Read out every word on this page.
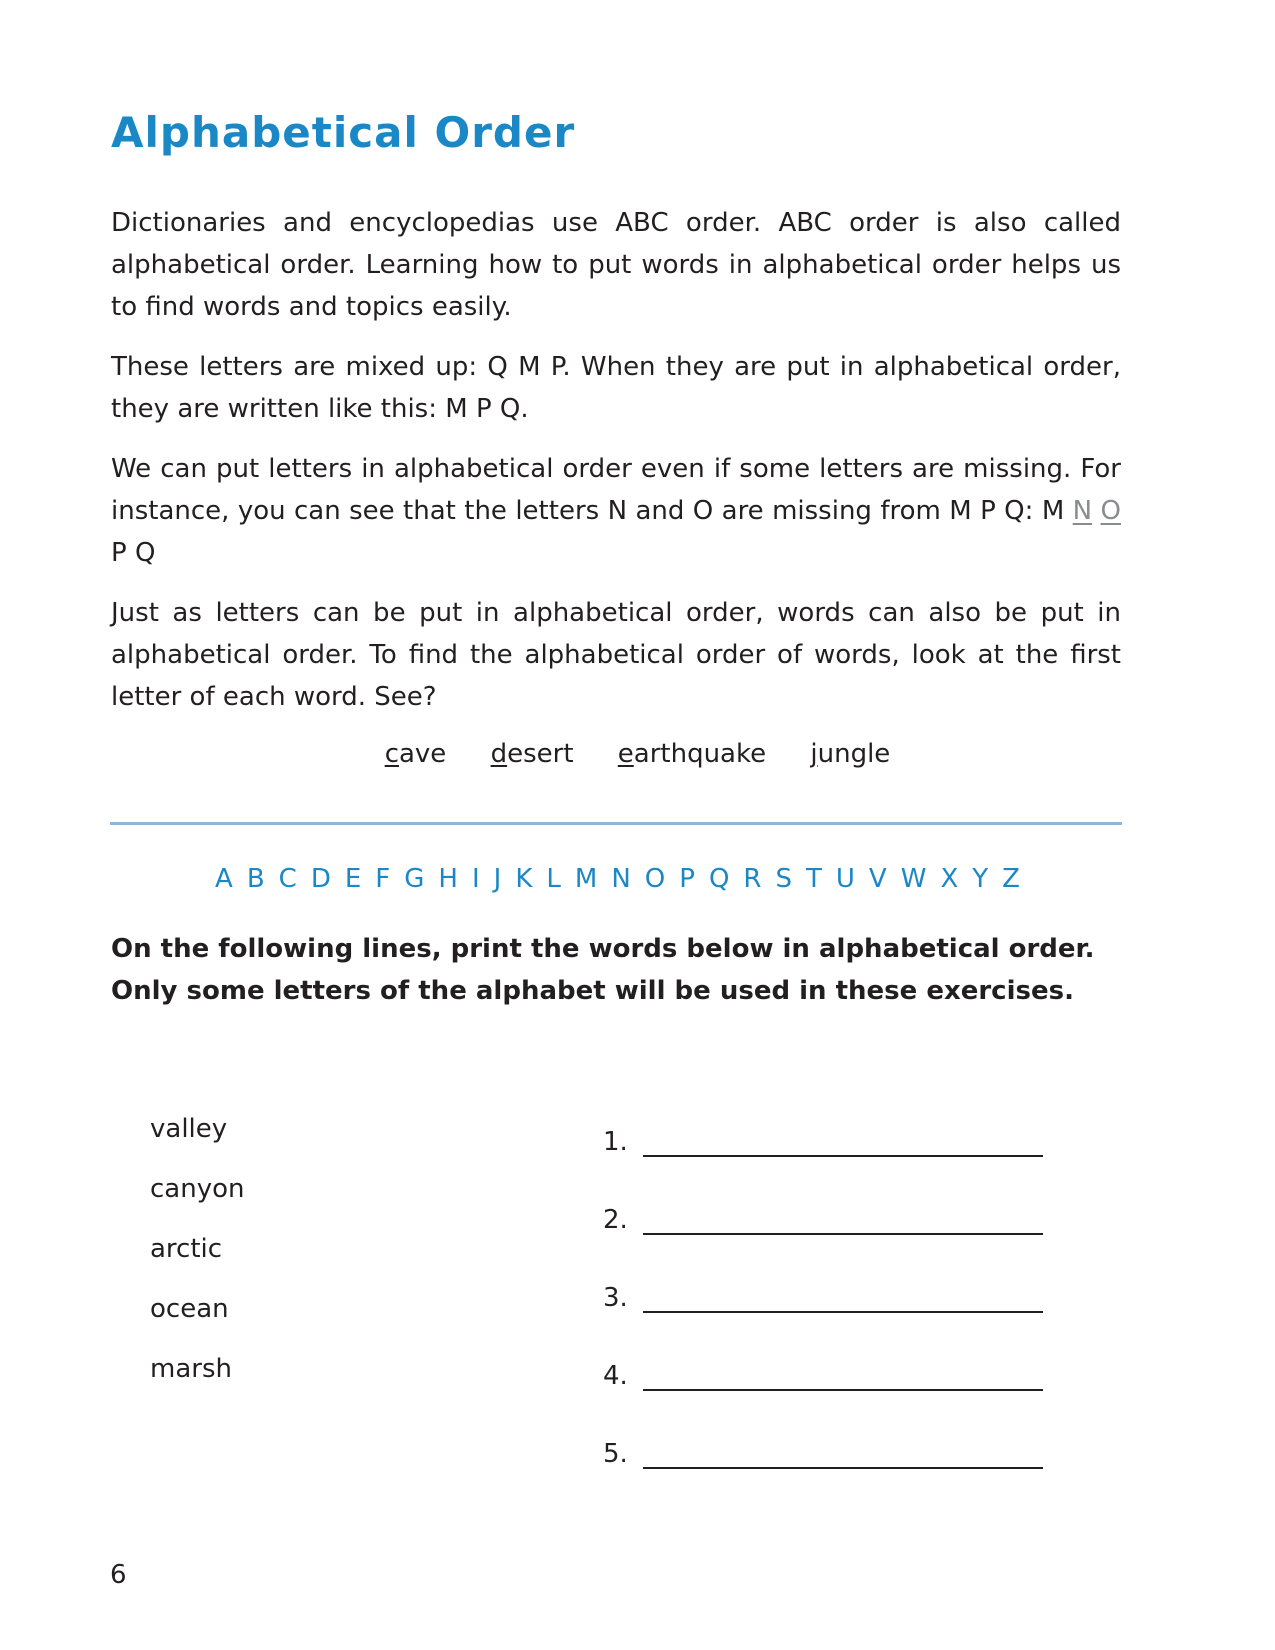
Alphabetical Order

Dictionaries and encyclopedias use ABC order. ABC order is also called alphabetical order. Learning how to put words in alphabetical order helps us to find words and topics easily.

These letters are mixed up: Q M P. When they are put in alphabetical order, they are written like this: M P Q.

We can put letters in alphabetical order even if some letters are missing. For instance, you can see that the letters N and O are missing from M P Q: M N O P Q

Just as letters can be put in alphabetical order, words can also be put in alphabetical order. To find the alphabetical order of words, look at the first letter of each word. See?

cave desert earthquake jungle
A B C D E F G H I J K L M N O P Q R S T U V W X Y Z

On the following lines, print the words below in alphabetical order. Only some letters of the alphabet will be used in these exercises.

valley
canyon
arctic
ocean
marsh
1.
2.
3.
4.
5.
6
